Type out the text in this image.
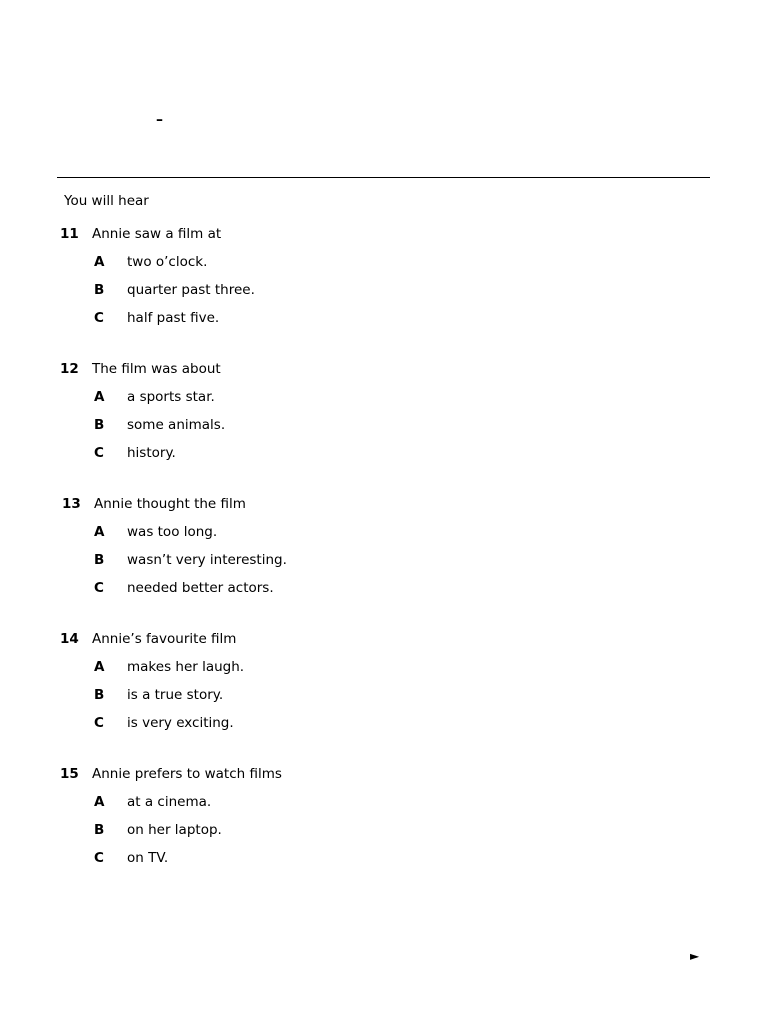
–
You will hear
11 Annie saw a film at
A two o’clock.
B quarter past three.
C half past five.
12 The film was about
A a sports star.
B some animals.
C history.
13 Annie thought the film
A was too long.
B wasn’t very interesting.
C needed better actors.
14 Annie’s favourite film
A makes her laugh.
B is a true story.
C is very exciting.
15 Annie prefers to watch films
A at a cinema.
B on her laptop.
C on TV.
►
